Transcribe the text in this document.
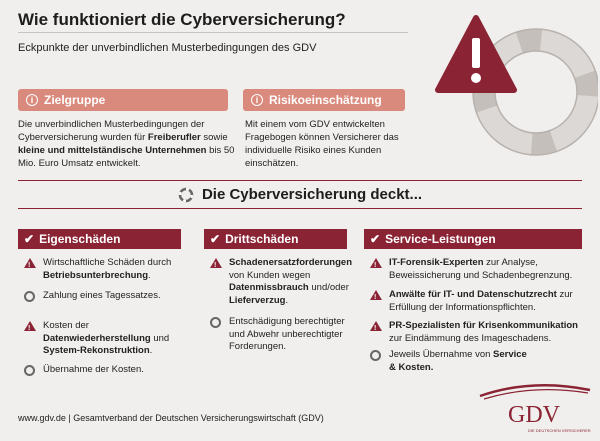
Wie funktioniert die Cyberversicherung?
Eckpunkte der unverbindlichen Musterbedingungen des GDV
i Zielgruppe
Die unverbindlichen Musterbedingungen der Cyberversicherung wurden für Freiberufler sowie kleine und mittelständische Unternehmen bis 50 Mio. Euro Umsatz entwickelt.
i Risikoeinschätzung
Mit einem vom GDV entwickelten Fragebogen können Versicherer das individuelle Risiko eines Kunden einschätzen.
Die Cyberversicherung deckt...
✔ Eigenschäden	✔ Drittschäden	✔ Service-Leistungen
!
Wirtschaftliche Schäden durch Betriebsunterbrechung.
Zahlung eines Tagessatzes.
!
Kosten der Datenwiederherstellung und System-Rekonstruktion.
Übernahme der Kosten.
!
Schadenersatzforderungen von Kunden wegen Datenmissbrauch und/oder Lieferverzug.
Entschädigung berechtigter und Abwehr unberechtigter Forderungen.
!
IT-Forensik-Experten zur Analyse, Beweissicherung und Schadenbegrenzung.
!
Anwälte für IT- und Datenschutzrecht zur Erfüllung der Informationspflichten.
!
PR-Spezialisten für Krisenkommunikation zur Eindämmung des Imageschadens.
Jeweils Übernahme von Service & Kosten.
www.gdv.de | Gesamtverband der Deutschen Versicherungswirtschaft (GDV)	GDV
DIE DEUTSCHEN VERSICHERER
